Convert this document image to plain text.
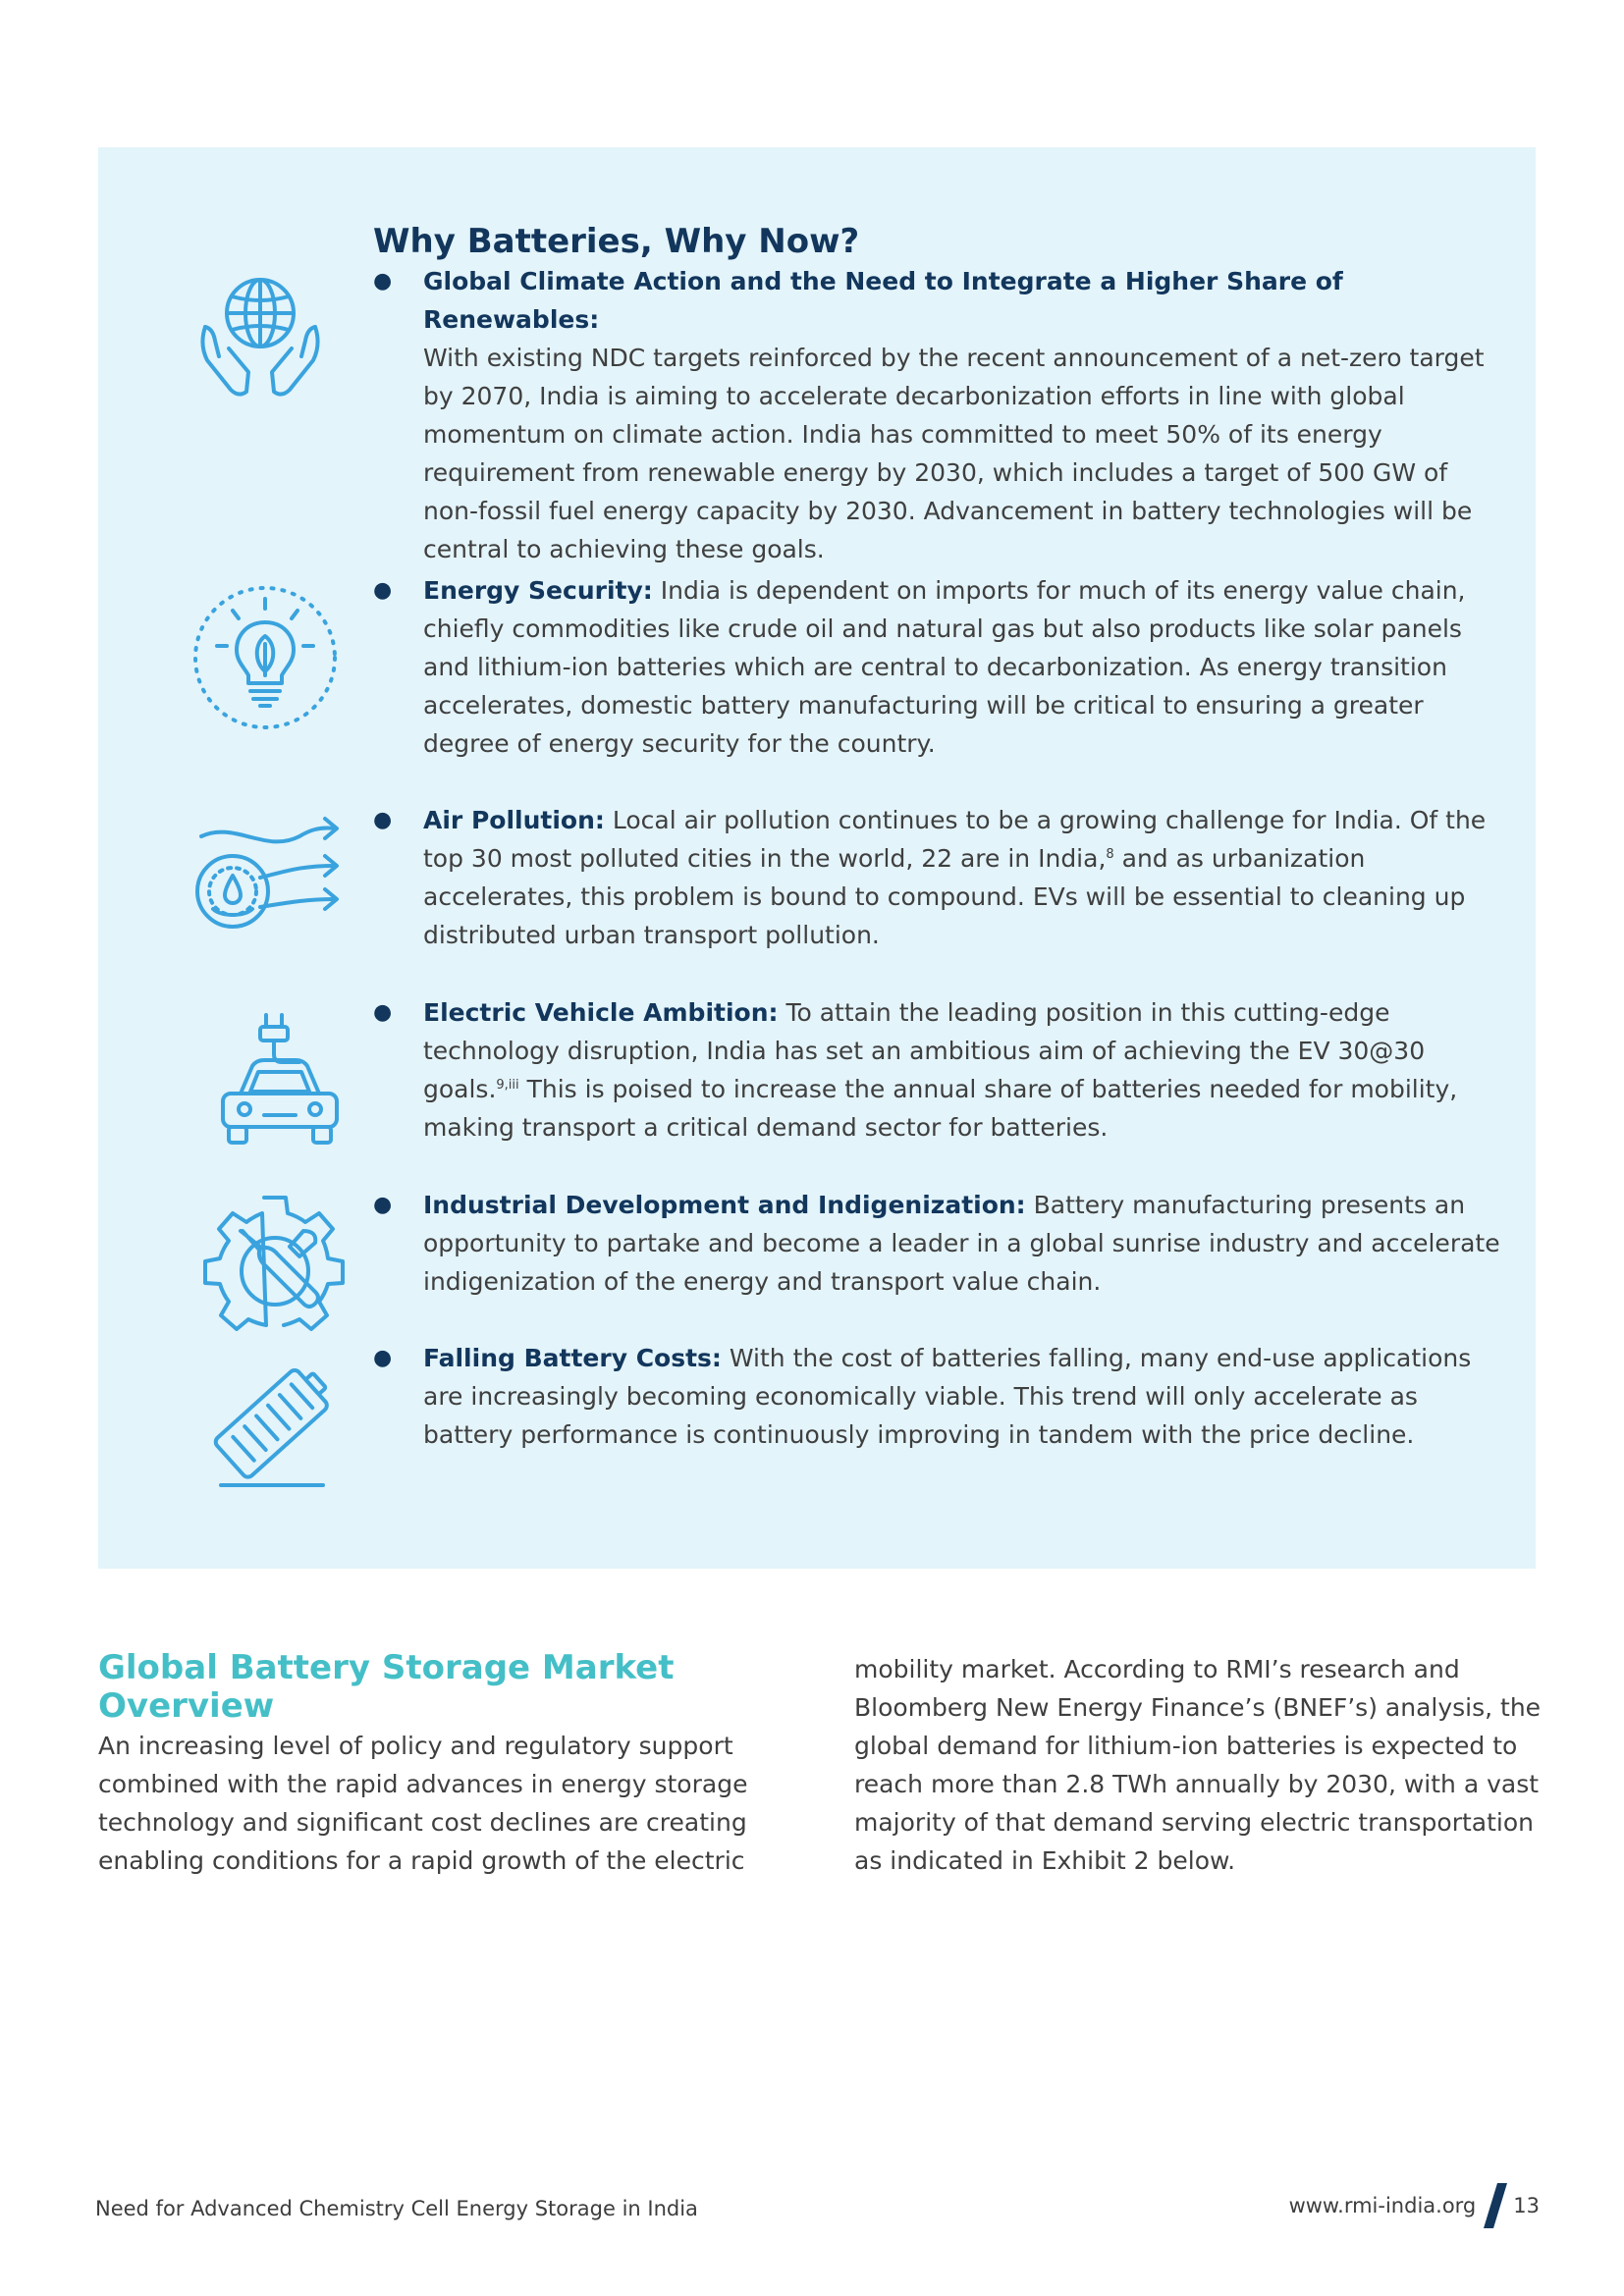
Why Batteries, Why Now?
● Global Climate Action and the Need to Integrate a Higher Share of Renewables:
With existing NDC targets reinforced by the recent announcement of a net-zero target by 2070, India is aiming to accelerate decarbonization efforts in line with global momentum on climate action. India has committed to meet 50% of its energy requirement from renewable energy by 2030, which includes a target of 500 GW of non-fossil fuel energy capacity by 2030. Advancement in battery technologies will be central to achieving these goals.

● Energy Security: India is dependent on imports for much of its energy value chain, chiefly commodities like crude oil and natural gas but also products like solar panels and lithium-ion batteries which are central to decarbonization. As energy transition accelerates, domestic battery manufacturing will be critical to ensuring a greater degree of energy security for the country.

● Air Pollution: Local air pollution continues to be a growing challenge for India. Of the top 30 most polluted cities in the world, 22 are in India,$^8$ and as urbanization accelerates, this problem is bound to compound. EVs will be essential to cleaning up distributed urban transport pollution.

● Electric Vehicle Ambition: To attain the leading position in this cutting-edge technology disruption, India has set an ambitious aim of achieving the EV 30@30 goals.$^{9,iii}$ This is poised to increase the annual share of batteries needed for mobility, making transport a critical demand sector for batteries.

● Industrial Development and Indigenization: Battery manufacturing presents an opportunity to partake and become a leader in a global sunrise industry and accelerate indigenization of the energy and transport value chain.

● Falling Battery Costs: With the cost of batteries falling, many end-use applications are increasingly becoming economically viable. This trend will only accelerate as battery performance is continuously improving in tandem with the price decline.

Global Battery Storage Market Overview

An increasing level of policy and regulatory support combined with the rapid advances in energy storage technology and significant cost declines are creating enabling conditions for a rapid growth of the electric

mobility market. According to RMI’s research and Bloomberg New Energy Finance’s (BNEF’s) analysis, the global demand for lithium-ion batteries is expected to reach more than 2.8 TWh annually by 2030, with a vast majority of that demand serving electric transportation as indicated in Exhibit 2 below.

Need for Advanced Chemistry Cell Energy Storage in India	www.rmi-india.org 13
